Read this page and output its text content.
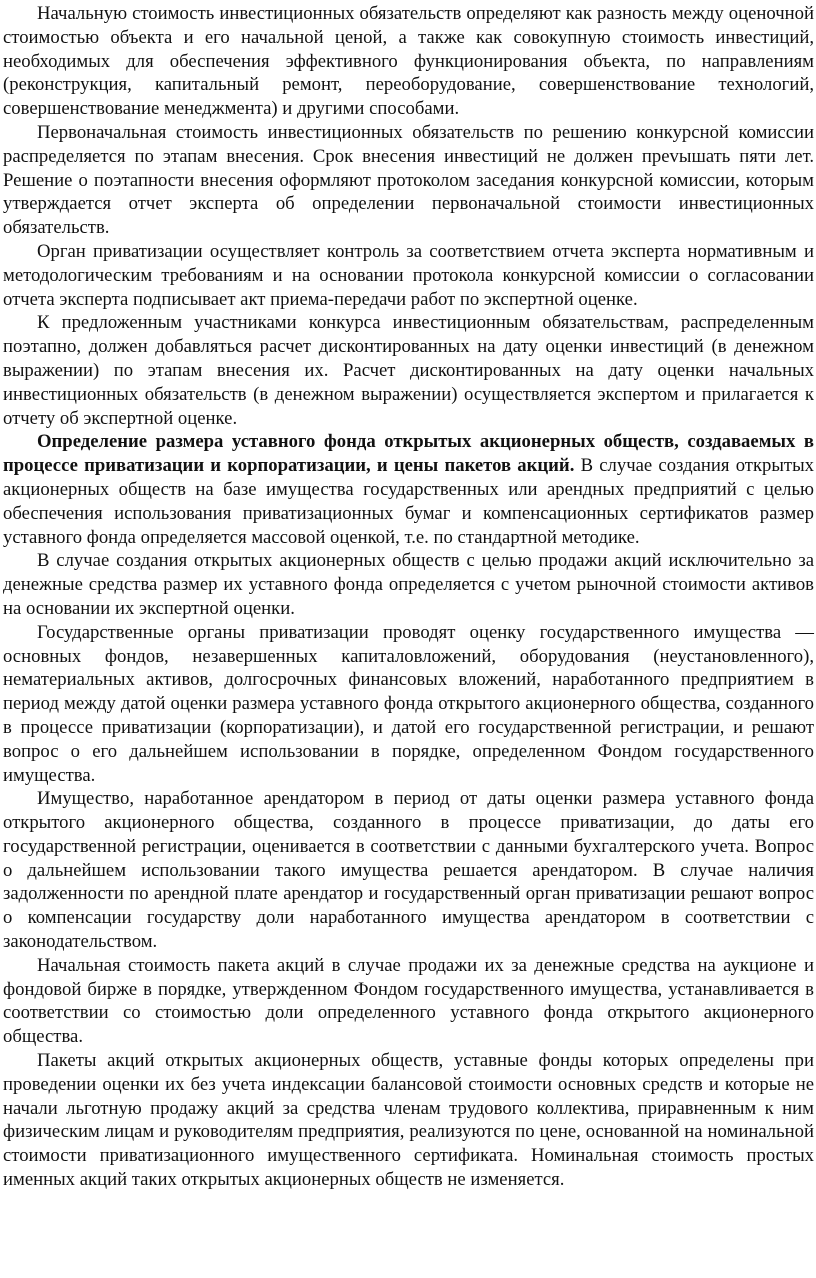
Начальную стоимость инвестиционных обязательств определяют как разность между оценочной стоимостью объекта и его начальной ценой, а также как совокупную стоимость инвестиций, необходимых для обеспечения эффективного функционирования объекта, по направлениям (реконструкция, капитальный ремонт, переоборудование, совершенствование технологий, совершенствование менеджмента) и другими способами.

Первоначальная стоимость инвестиционных обязательств по решению конкурсной комиссии распределяется по этапам внесения. Срок внесения инвестиций не должен преvышать пяти лет. Решение о поэтапности внесения оформляют протоколом заседания конкурсной комиссии, которым утверждается отчет эксперта об определении первоначальной стоимости инвестиционных обязательств.

Орган приватизации осуществляет контроль за соответствием отчета эксперта нормативным и методологическим требованиям и на основании протокола конкурсной комиссии о согласовании отчета эксперта подписывает акт приема-передачи работ по экспертной оценке.

К предложенным участниками конкурса инвестиционным обязательствам, распределенным поэтапно, должен добавляться расчет дисконтированных на дату оценки инвестиций (в денежном выражении) по этапам внесения их. Расчет дисконтированных на дату оценки начальных инвестиционных обязательств (в денежном выражении) осуществляется экспертом и прилагается к отчету об экспертной оценке.

Определение размера уставного фонда открытых акционерных обществ, создаваемых в процессе приватизации и корпоратизации, и цены пакетов акций. В случае создания открытых акционерных обществ на базе имущества государственных или арендных предприятий с целью обеспечения использования приватизационных бумаг и компенсационных сертификатов размер уставного фонда определяется массовой оценкой, т.е. по стандартной методике.

В случае создания открытых акционерных обществ с целью продажи акций исключительно за денежные средства размер их уставного фонда определяется с учетом рыночной стоимости активов на основании их экспертной оценки.

Государственные органы приватизации проводят оценку государственного имущества — основных фондов, незавершенных капиталовложений, оборудования (неустановленного), нематериальных активов, долгосрочных финансовых вложений, наработанного предприятием в период между датой оценки размера уставного фонда открытого акционерного общества, созданного в процессе приватизации (корпоратизации), и датой его государственной регистрации, и решают вопрос о его дальнейшем использовании в порядке, определенном Фондом государственного имущества.

Имущество, наработанное арендатором в период от даты оценки размера уставного фонда открытого акционерного общества, созданного в процессе приватизации, до даты его государственной регистрации, оценивается в соответствии с данными бухгалтерского учета. Вопрос о дальнейшем использовании такого имущества решается арендатором. В случае наличия задолженности по арендной плате арендатор и государственный орган приватизации решают вопрос о компенсации государству доли наработанного имущества арендатором в соответствии с законодательством.

Начальная стоимость пакета акций в случае продажи их за денежные средства на аукционе и фондовой бирже в порядке, утвержденном Фондом государственного имущества, устанавливается в соответствии со стоимостью доли определенного уставного фонда открытого акционерного общества.

Пакеты акций открытых акционерных обществ, уставные фонды которых определены при проведении оценки их без учета индексации балансовой стоимости основных средств и которые не начали льготную продажу акций за средства членам трудового коллектива, приравненным к ним физическим лицам и руководителям предприятия, реализуются по цене, основанной на номинальной стоимости приватизационного имущественного сертификата. Номинальная стоимость простых именных акций таких открытых акционерных обществ не изменяется.
